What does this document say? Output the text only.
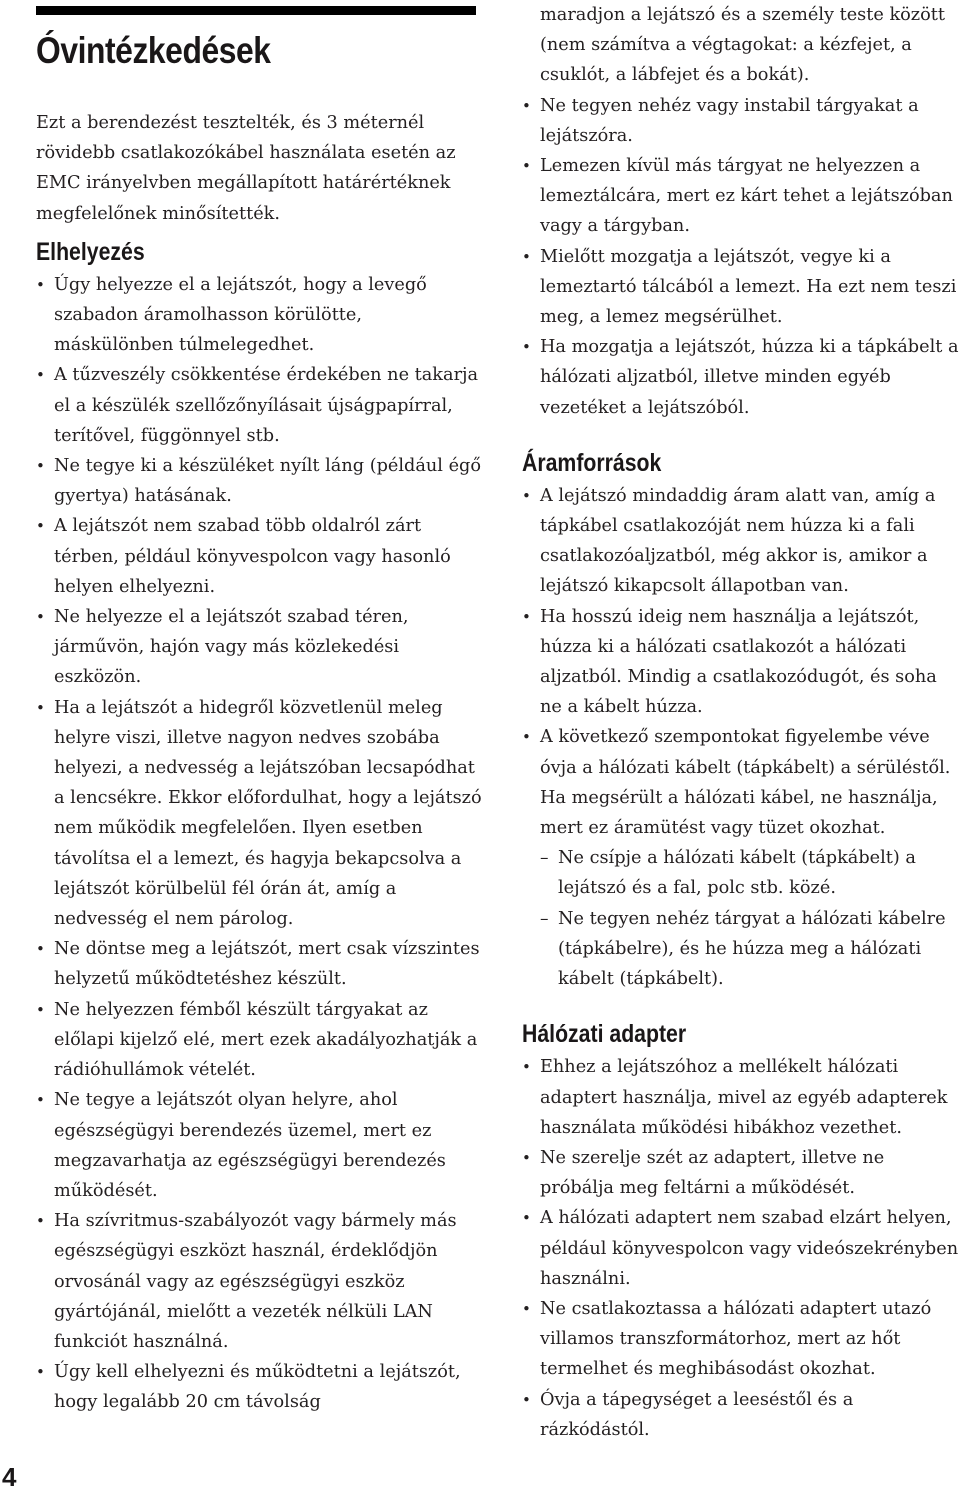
Óvintézkedések

Ezt a berendezést tesztelték, és 3 méternél rövidebb csatlakozókábel használata esetén az EMC irányelvben megállapított határértéknek megfelelőnek minősítették.

Elhelyezés
• Úgy helyezze el a lejátszót, hogy a levegő szabadon áramolhasson körülötte, máskülönben túlmelegedhet.
• A tűzveszély csökkentése érdekében ne takarja el a készülék szellőzőnyílásait újságpapírral, terítővel, függönnyel stb.
• Ne tegye ki a készüléket nyílt láng (például égő gyertya) hatásának.
• A lejátszót nem szabad több oldalról zárt térben, például könyvespolcon vagy hasonló helyen elhelyezni.
• Ne helyezze el a lejátszót szabad téren, járművön, hajón vagy más közlekedési eszközön.
• Ha a lejátszót a hidegről közvetlenül meleg helyre viszi, illetve nagyon nedves szobába helyezi, a nedvesség a lejátszóban lecsapódhat a lencsékre. Ekkor előfordulhat, hogy a lejátszó nem működik megfelelően. Ilyen esetben távolítsa el a lemezt, és hagyja bekapcsolva a lejátszót körülbelül fél órán át, amíg a nedvesség el nem párolog.
• Ne döntse meg a lejátszót, mert csak vízszintes helyzetű működtetéshez készült.
• Ne helyezzen fémből készült tárgyakat az előlapi kijelző elé, mert ezek akadályozhatják a rádióhullámok vételét.
• Ne tegye a lejátszót olyan helyre, ahol egészségügyi berendezés üzemel, mert ez megzavarhatja az egészségügyi berendezés működését.
• Ha szívritmus-szabályozót vagy bármely más egészségügyi eszközt használ, érdeklődjön orvosánál vagy az egészségügyi eszköz gyártójánál, mielőtt a vezeték nélküli LAN funkciót használná.
• Úgy kell elhelyezni és működtetni a lejátszót, hogy legalább 20 cm távolság

maradjon a lejátszó és a személy teste között (nem számítva a végtagokat: a kézfejet, a csuklót, a lábfejet és a bokát).

• Ne tegyen nehéz vagy instabil tárgyakat a lejátszóra.
• Lemezen kívül más tárgyat ne helyezzen a lemeztálcára, mert ez kárt tehet a lejátszóban vagy a tárgyban.
• Mielőtt mozgatja a lejátszót, vegye ki a lemeztartó tálcából a lemezt. Ha ezt nem teszi meg, a lemez megsérülhet.
• Ha mozgatja a lejátszót, húzza ki a tápkábelt a hálózati aljzatból, illetve minden egyéb vezetéket a lejátszóból.
Áramforrások
• A lejátszó mindaddig áram alatt van, amíg a tápkábel csatlakozóját nem húzza ki a fali csatlakozóaljzatból, még akkor is, amikor a lejátszó kikapcsolt állapotban van.
• Ha hosszú ideig nem használja a lejátszót, húzza ki a hálózati csatlakozót a hálózati aljzatból. Mindig a csatlakozódugót, és soha ne a kábelt húzza.
• A következő szempontokat figyelembe véve óvja a hálózati kábelt (tápkábelt) a sérüléstől. Ha megsérült a hálózati kábel, ne használja, mert ez áramütést vagy tüzet okozhat.
– Ne csípje a hálózati kábelt (tápkábelt) a lejátszó és a fal, polc stb. közé.
– Ne tegyen nehéz tárgyat a hálózati kábelre (tápkábelre), és he húzza meg a hálózati kábelt (tápkábelt).
Hálózati adapter
• Ehhez a lejátszóhoz a mellékelt hálózati adaptert használja, mivel az egyéb adapterek használata működési hibákhoz vezethet.
• Ne szerelje szét az adaptert, illetve ne próbálja meg feltárni a működését.
• A hálózati adaptert nem szabad elzárt helyen, például könyvespolcon vagy videószekrényben használni.
• Ne csatlakoztassa a hálózati adaptert utazó villamos transzformátorhoz, mert az hőt termelhet és meghibásodást okozhat.
• Óvja a tápegységet a leeséstől és a rázkódástól.
4
